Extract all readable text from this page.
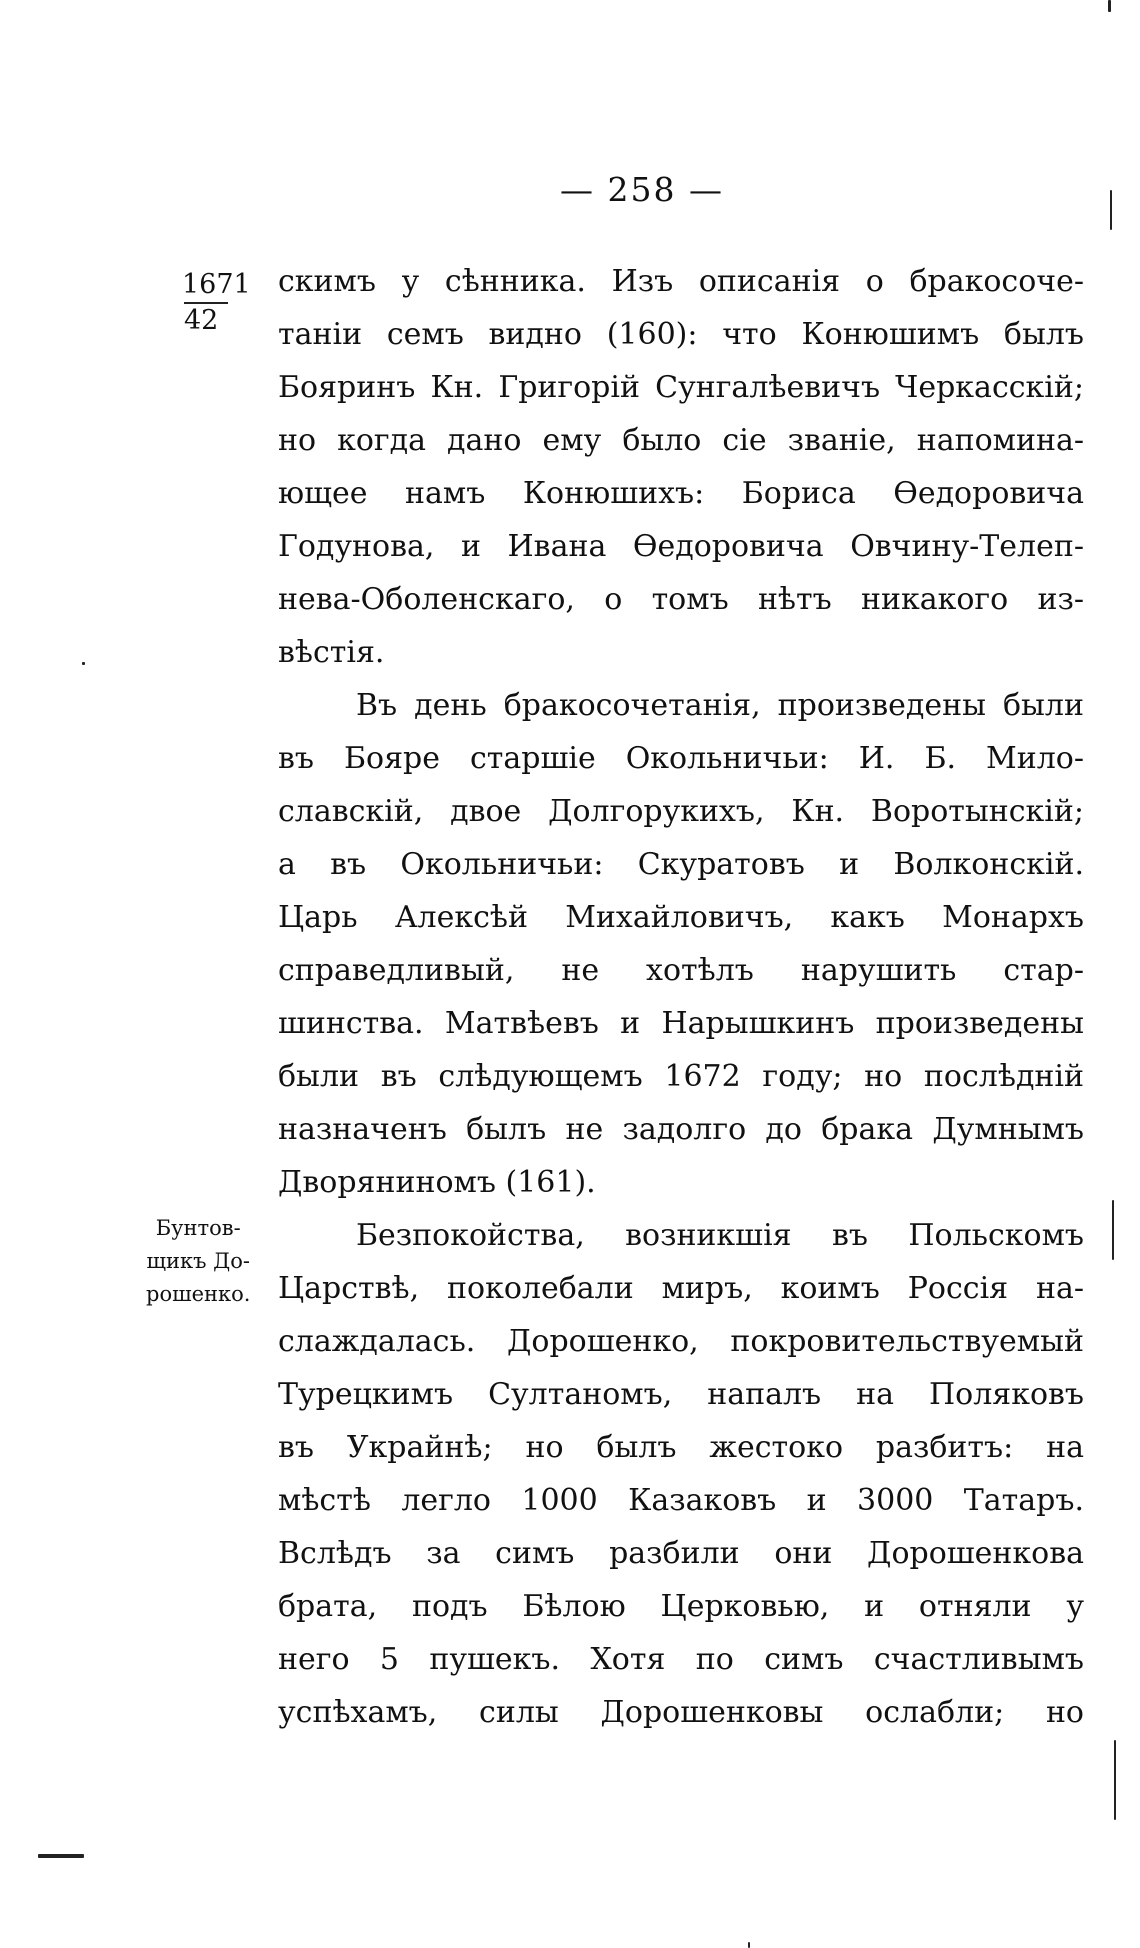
— 258 —
1671
42
Бунтов-
щикъ До-
рошенко.
скимъ у сѣнника. Изъ описанія о бракосоче-
таніи семъ видно (160): что Конюшимъ былъ
Бояринъ Кн. Григорій Сунгалѣевичъ Черкасскій;
но когда дано ему было сіе званіе, напомина-
ющее намъ Конюшихъ: Бориса Ѳедоровича
Годунова, и Ивана Ѳедоровича Овчину-Телеп-
нева-Оболенскаго, о томъ нѣтъ никакого из-
вѣстія.
Въ день бракосочетанія, произведены были
въ Бояре старшіе Окольничьи: И. Б. Мило-
славскій, двое Долгорукихъ, Кн. Воротынскій;
а въ Окольничьи: Скуратовъ и Волконскій.
Царь Алексѣй Михайловичъ, какъ Монархъ
справедливый, не хотѣлъ нарушить стар-
шинства. Матвѣевъ и Нарышкинъ произведены
были въ слѣдующемъ 1672 году; но послѣдній
назначенъ былъ не задолго до брака Думнымъ
Дворяниномъ (161).
Безпокойства, возникшія въ Польскомъ
Царствѣ, поколебали миръ, коимъ Россія на-
слаждалась. Дорошенко, покровительствуемый
Турецкимъ Султаномъ, напалъ на Поляковъ
въ Украйнѣ; но былъ жестоко разбитъ: на
мѣстѣ легло 1000 Казаковъ и 3000 Татаръ.
Вслѣдъ за симъ разбили они Дорошенкова
брата, подъ Бѣлою Церковью, и отняли у
него 5 пушекъ. Хотя по симъ счастливымъ
успѣхамъ, силы Дорошенковы ослабли; но
